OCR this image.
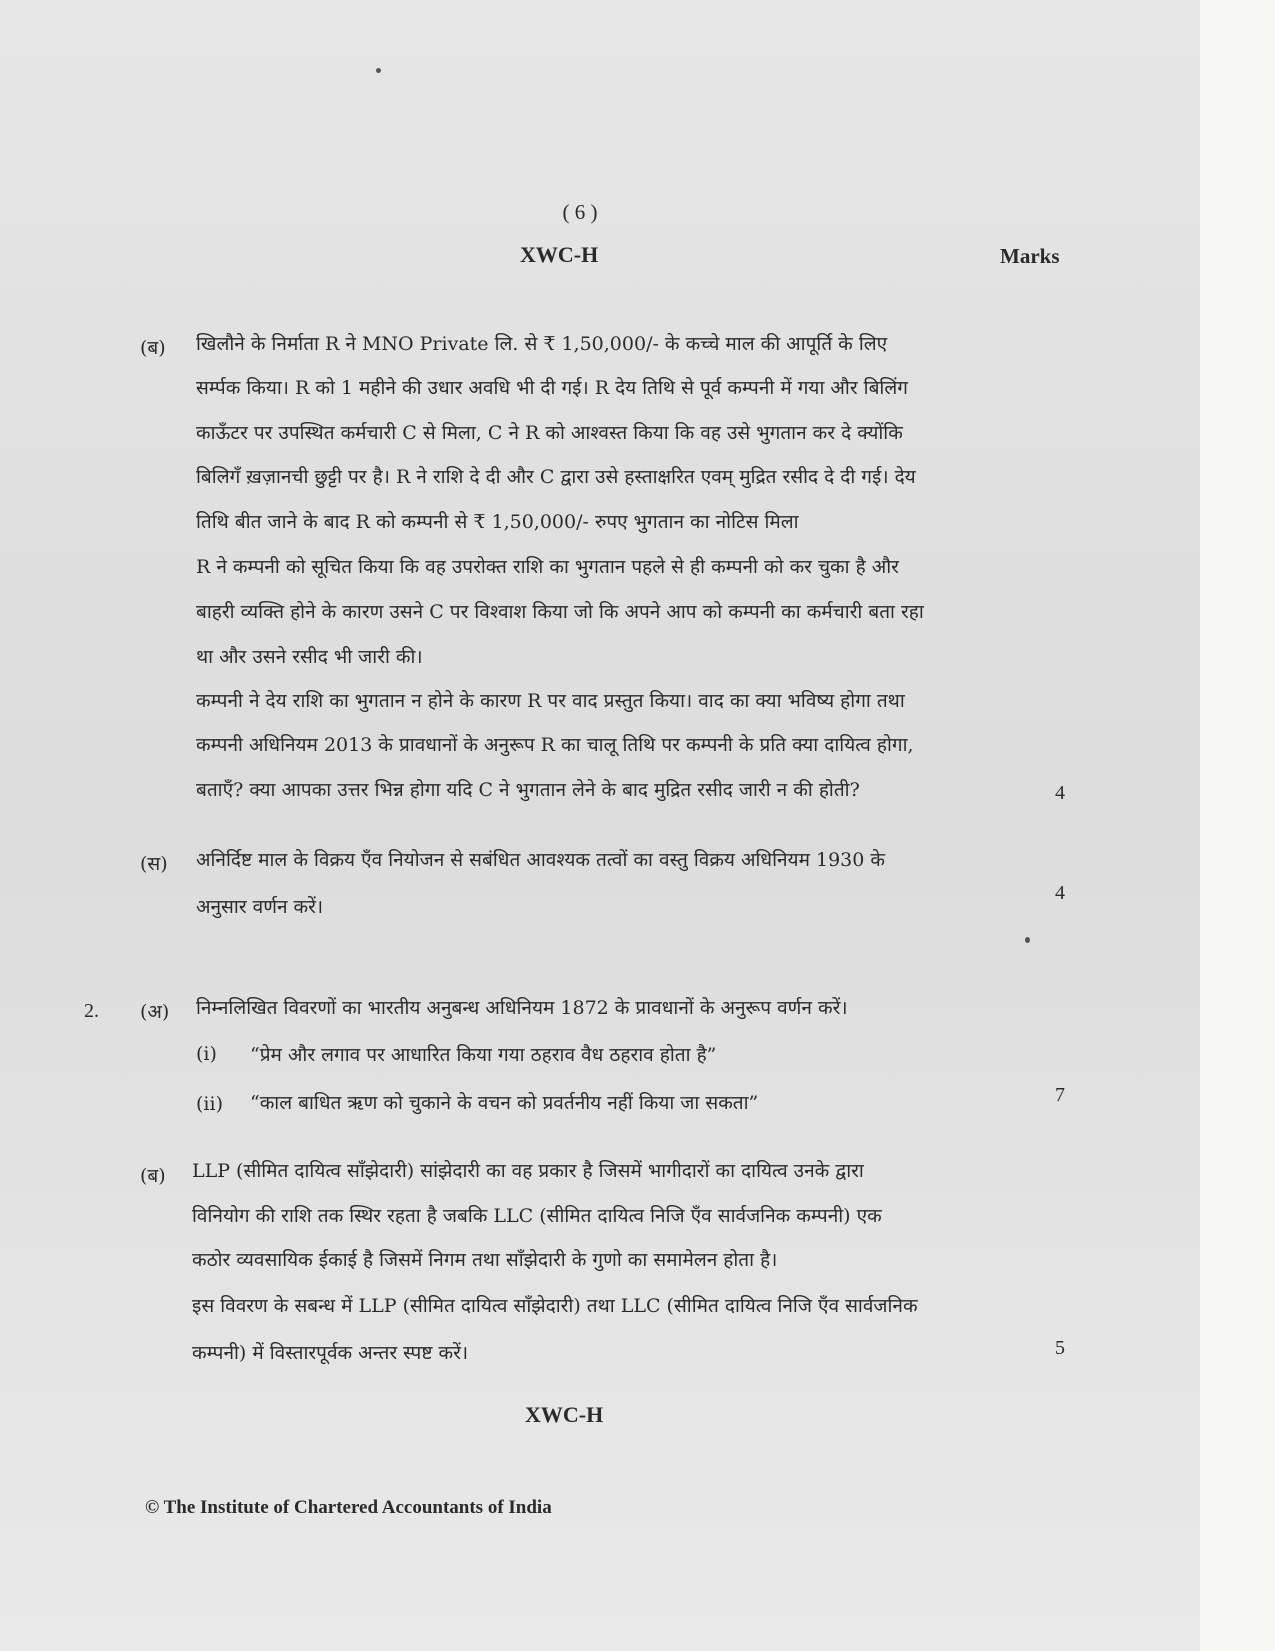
( 6 )
XWC-H	Marks
(ब) खिलौने के निर्माता R ने MNO Private लि. से ₹ 1,50,000/- के कच्चे माल की आपूर्ति के लिए
सर्म्पक किया। R को 1 महीने की उधार अवधि भी दी गई। R देय तिथि से पूर्व कम्पनी में गया और बिलिंग
काऊँटर पर उपस्थित कर्मचारी C से मिला, C ने R को आश्वस्त किया कि वह उसे भुगतान कर दे क्योंकि
बिलिगँ ख़ज़ानची छुट्टी पर है। R ने राशि दे दी और C द्वारा उसे हस्ताक्षरित एवम् मुद्रित रसीद दे दी गई। देय
तिथि बीत जाने के बाद R को कम्पनी से ₹ 1,50,000/- रुपए भुगतान का नोटिस मिला
R ने कम्पनी को सूचित किया कि वह उपरोक्त राशि का भुगतान पहले से ही कम्पनी को कर चुका है और
बाहरी व्यक्ति होने के कारण उसने C पर विश्वाश किया जो कि अपने आप को कम्पनी का कर्मचारी बता रहा
था और उसने रसीद भी जारी की।
कम्पनी ने देय राशि का भुगतान न होने के कारण R पर वाद प्रस्तुत किया। वाद का क्या भविष्य होगा तथा
कम्पनी अधिनियम 2013 के प्रावधानों के अनुरूप R का चालू तिथि पर कम्पनी के प्रति क्या दायित्व होगा,
बताएँ? क्या आपका उत्तर भिन्न होगा यदि C ने भुगतान लेने के बाद मुद्रित रसीद जारी न की होती?	4
(स) अनिर्दिष्ट माल के विक्रय एँव नियोजन से सबंधित आवश्यक तत्वों का वस्तु विक्रय अधिनियम 1930 के
अनुसार वर्णन करें।
4
2. (अ) निम्नलिखित विवरणों का भारतीय अनुबन्ध अधिनियम 1872 के प्रावधानों के अनुरूप वर्णन करें।
(i) “प्रेम और लगाव पर आधारित किया गया ठहराव वैध ठहराव होता है”
(ii) “काल बाधित ऋण को चुकाने के वचन को प्रवर्तनीय नहीं किया जा सकता”	7
(ब) LLP (सीमित दायित्व साँझेदारी) सांझेदारी का वह प्रकार है जिसमें भागीदारों का दायित्व उनके द्वारा
विनियोग की राशि तक स्थिर रहता है जबकि LLC (सीमित दायित्व निजि एँव सार्वजनिक कम्पनी) एक
कठोर व्यवसायिक ईकाई है जिसमें निगम तथा साँझेदारी के गुणो का समामेलन होता है।
इस विवरण के सबन्ध में LLP (सीमित दायित्व साँझेदारी) तथा LLC (सीमित दायित्व निजि एँव सार्वजनिक
कम्पनी) में विस्तारपूर्वक अन्तर स्पष्ट करें।	5
XWC-H
© The Institute of Chartered Accountants of India
